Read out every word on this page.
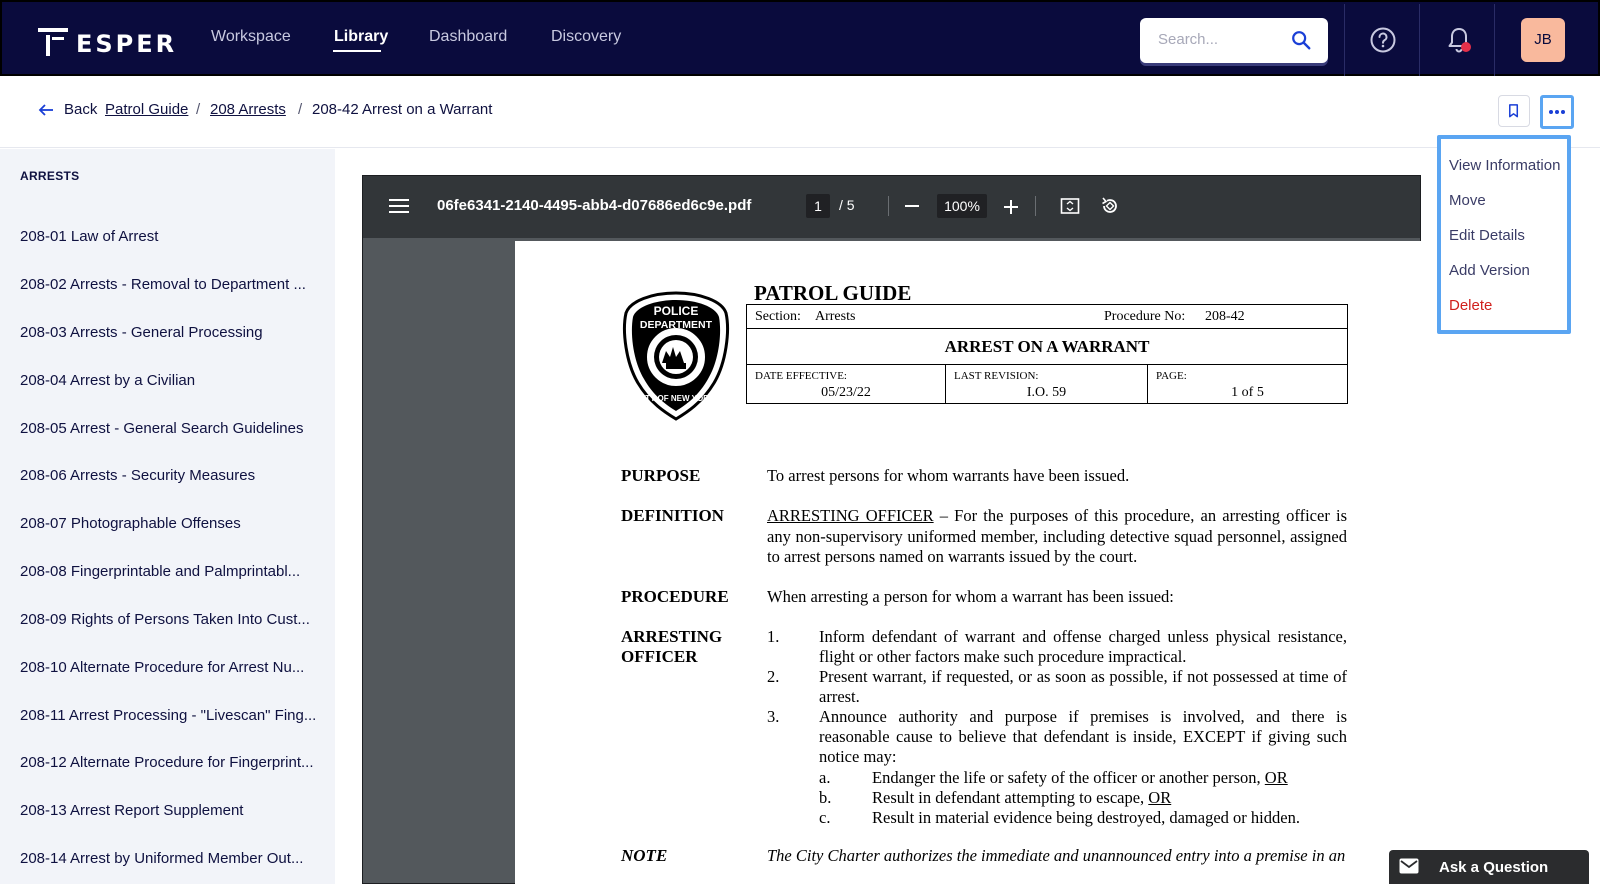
ESPER Workspace	Library	Dashboard	Discovery	Search...	JB
Back Patrol Guide / 208 Arrests / 208-42 Arrest on a Warrant
ARRESTS
208-01 Law of Arrest
208-02 Arrests - Removal to Department ...
208-03 Arrests - General Processing
208-04 Arrest by a Civilian
208-05 Arrest - General Search Guidelines
208-06 Arrests - Security Measures
208-07 Photographable Offenses
208-08 Fingerprintable and Palmprintabl...
208-09 Rights of Persons Taken Into Cust...
208-10 Alternate Procedure for Arrest Nu...
208-11 Arrest Processing - "Livescan" Fing...
208-12 Alternate Procedure for Fingerprint...
208-13 Arrest Report Supplement
208-14 Arrest by Uniformed Member Out...
06fe6341-2140-4495-abb4-d07686ed6c9e.pdf	1	/ 5	100%
POLICE
DEPARTMENT
CITY OF NEW YORK
PATROL GUIDE
Section: Arrests	Procedure No: 208-42
ARREST ON A WARRANT
DATE EFFECTIVE:
05/23/22
LAST REVISION:
I.O. 59
PAGE:
1 of 5
PURPOSE	To arrest persons for whom warrants have been issued.
DEFINITION	ARRESTING OFFICER – For the purposes of this procedure, an arresting officer is any non-supervisory uniformed member, including detective squad personnel, assigned to arrest persons named on warrants issued by the court.
PROCEDURE When arresting a person for whom a warrant has been issued:
ARRESTING
OFFICER
1. Inform defendant of warrant and offense charged unless physical resistance, flight or other factors make such procedure impractical.
2. Present warrant, if requested, or as soon as possible, if not possessed at time of arrest.
3. Announce authority and purpose if premises is involved, and there is reasonable cause to believe that defendant is inside, EXCEPT if giving such notice may:
a.	Endanger the life or safety of the officer or another person, OR
b. Result in defendant attempting to escape, OR
c.	Result in material evidence being destroyed, damaged or hidden.
NOTE	The City Charter authorizes the immediate and unannounced entry into a premise in an
View Information
Move
Edit Details
Add Version
Delete
Ask a Question
